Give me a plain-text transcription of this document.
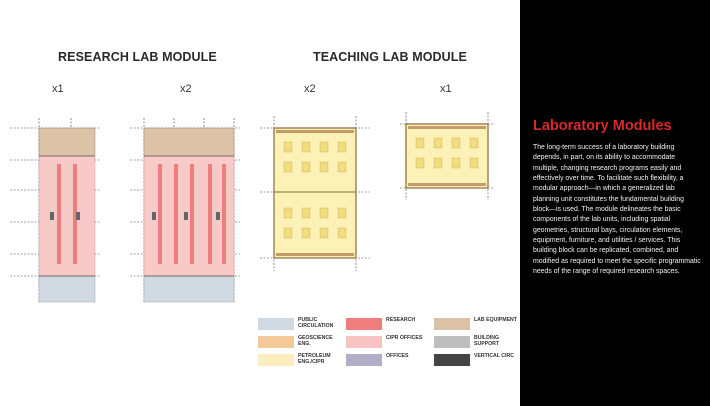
RESEARCH LAB MODULE	TEACHING LAB MODULE
x1	x2	x2	x1
PUBLIC
CIRCULATION
GEOSCIENCE
ENG.
PETROLEUM
ENG./CIPR
RESEARCH
CIPR OFFICES
OFFICES
LAB EQUIPMENT
BUILDING
SUPPORT
VERTICAL CIRC
Laboratory Modules
The long-term success of a laboratory building depends, in part, on its ability to accommodate multiple, changing research programs easily and effectively over time. To facilitate such flexibility, a modular approach—in which a generalized lab planning unit constitutes the fundamental building block—is used. The module delineates the basic components of the lab units, including spatial geometries, structural bays, circulation elements, equipment, furniture, and utilities / services. This building block can be replicated, combined, and modified as required to meet the specific programmatic needs of the range of required research spaces.
